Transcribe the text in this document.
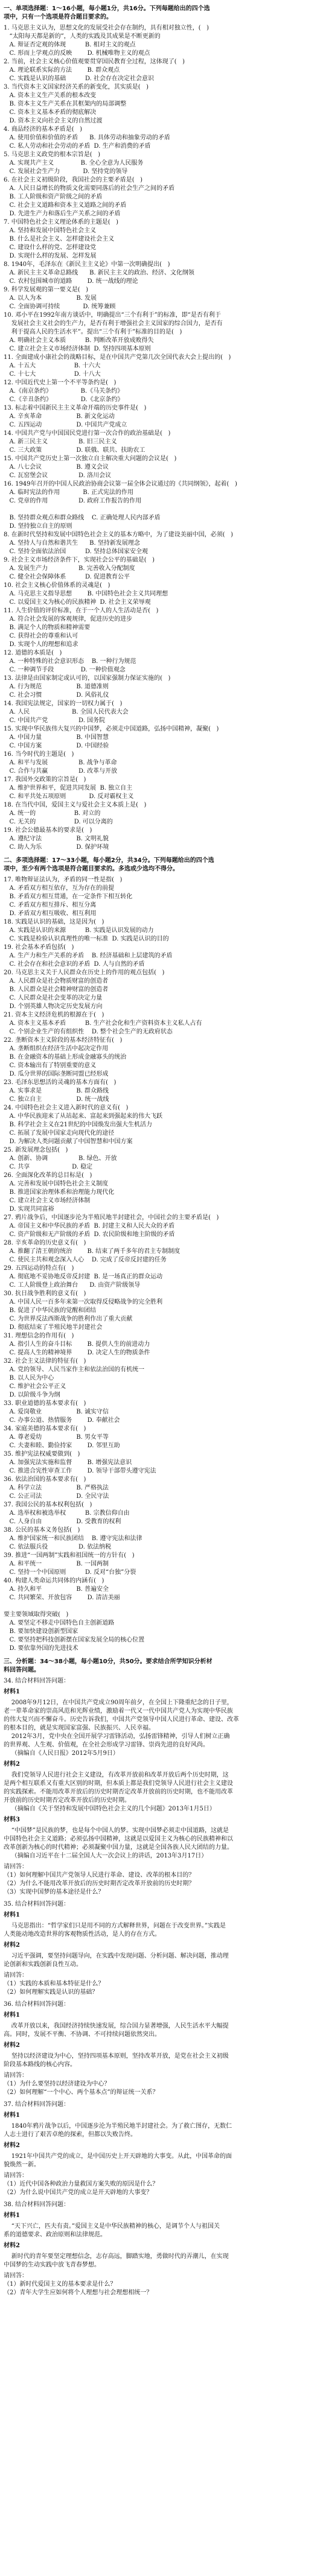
一、单项选择题：1～16小题，每小题1分，共16分。下列每题给出的四个选

项中，只有一个选项是符合题目要求的。

1. 马克思主义认为，思想文化的发展受社会存在制约，具有相对独立性，(   )

“太阳每天都是新的”，人类的实践及其成果是不断更新的

A. 辩证否定观的体现          B. 相对主义的观点

C. 形而上学观点的反映        D. 机械唯物主义的观点

2. 当前，社会主义核心价值观要贯穿国民教育全过程，这体现了(   )

A. 理论联系实际的方法        B. 群众观点

C. 实践是认识的基础          D. 社会存在决定社会意识

3. 当代资本主义国家经济关系的新变化，其实质是(   )

A. 资本主义生产关系的根本改变

B. 资本主义生产关系在其框架内的局部调整

C. 资本主义基本矛盾的彻底解决

D. 资本主义向社会主义的自然过渡

4. 商品经济的基本矛盾是(   )

A. 使用价值和价值的矛盾      B. 具体劳动和抽象劳动的矛盾

C. 私人劳动和社会劳动的矛盾  D. 生产和消费的矛盾

5. 马克思主义政党的根本宗旨是(   )

A. 实现共产主义              B. 全心全意为人民服务

C. 发展社会生产力            D. 坚持党的领导

6. 在社会主义初级阶段，我国社会的主要矛盾是(   )

A. 人民日益增长的物质文化需要同落后的社会生产之间的矛盾

B. 工人阶级和资产阶级之间的矛盾

C. 社会主义道路和资本主义道路之间的矛盾

D. 先进生产力和落后生产关系之间的矛盾

7. 中国特色社会主义理论体系的主题是(   )

A. 坚持和发展中国特色社会主义

B. 什么是社会主义、怎样建设社会主义

C. 建设什么样的党、怎样建设党

D. 实现什么样的发展、怎样发展

8. 1940年，毛泽东在《新民主主义论》中第一次明确提出(   )

A. 新民主主义革命总路线      B. 新民主主义的政治、经济、文化纲领

C. 农村包围城市的道路        D. 统一战线的理论

9. 科学发展观的第一要义是(   )

A. 以人为本                  B. 发展

C. 全面协调可持续            D. 统筹兼顾

10. 邓小平在1992年南方谈话中，明确提出“三个有利于”的标准，即“是否有利于

发展社会主义社会的生产力，是否有利于增强社会主义国家的综合国力，是否有

利于提高人民的生活水平”。提出“三个有利于”标准的目的是(   )

A. 明确社会主义本质          B. 判断改革开放成败得失

C. 建立社会主义市场经济体制  D. 坚持四项基本原则

11. 全面建成小康社会的战略目标，是在中国共产党第几次全国代表大会上提出的(   )

A. 十五大                    B. 十六大

C. 十七大                    D. 十八大

12. 中国近代史上第一个不平等条约是(   )

A.《南京条约》               B.《马关条约》

C.《辛丑条约》               D.《北京条约》

13. 标志着中国新民主主义革命开端的历史事件是(   )

A. 辛亥革命                  B. 新文化运动

C. 五四运动                  D. 中国共产党成立

14. 中国共产党与中国国民党进行第一次合作的政治基础是(   )

A. 新三民主义                B. 旧三民主义

C. 三大政策                  D. 联俄、联共、扶助农工

15. 中国共产党历史上第一次独立自主解决重大问题的会议是(   )

A. 八七会议                  B. 遵义会议

C. 瓦窑堡会议                D. 洛川会议

16. 1949年召开的中国人民政治协商会议第一届全体会议通过的《共同纲领》，起着(   )

A. 临时宪法的作用            B. 正式宪法的作用

C. 党章的作用                D. 政府工作报告的作用

B. 坚持群众观点和群众路线    C. 正确处理人民内部矛盾

D. 坚持独立自主的原则

8. 在新时代坚持和发展中国特色社会主义的基本方略中，为了建设美丽中国，必须(   )

A. 坚持人与自然和谐共生      B. 坚持新发展理念

C. 坚持全面依法治国          D. 坚持总体国家安全观

9. 社会主义市场经济条件下，实现社会公平的基础是(   )

A. 发展生产力                B. 完善收入分配制度

C. 健全社会保障体系          D. 促进教育公平

10. 社会主义核心价值体系的灵魂是(   )

A. 马克思主义指导思想        B. 中国特色社会主义共同理想

C. 以爱国主义为核心的民族精神  D. 社会主义荣辱观

11. 人生价值的评价标准，在于一个人的人生活动是否(   )

A. 符合社会发展的客观规律，促进历史的进步

B. 满足个人的物质和精神需要

C. 获得社会的尊重和认可

D. 实现个人的理想和追求

12. 道德的本质是(   )

A. 一种特殊的社会意识形态    B. 一种行为规范

C. 一种调节手段              D. 一种价值观念

13. 法律是由国家制定或认可的，以国家强制力保证实施的(   )

A. 行为规范                  B. 道德准则

C. 社会习惯                  D. 风俗礼仪

14. 我国宪法规定，国家的一切权力属于(   )

A. 人民                      B. 全国人民代表大会

C. 中国共产党                D. 国务院

15. 实现中华民族伟大复兴的中国梦，必须走中国道路，弘扬中国精神，凝聚(   )

A. 中国力量                  B. 中国智慧

C. 中国方案                  D. 中国经验

16. 当今时代的主题是(   )

A. 和平与发展                B. 战争与革命

C. 合作与共赢                D. 改革与开放

17. 我国外交政策的宗旨是(   )

A. 维护世界和平，促进共同发展  B. 独立自主

C. 和平共处五项原则            D. 反对霸权主义

18. 在当代中国，爱国主义与爱社会主义本质上是(   )

A. 统一的                    B. 对立的

C. 无关的                    D. 可以分离的

19. 社会公德最基本的要求是(   )

A. 遵纪守法                  B. 文明礼貌

C. 助人为乐                  D. 保护环境

二、多项选择题：17～33小题，每小题2分，共34分。下列每题给出的四个选

项中，至少有两个选项是符合题目要求的。多选或少选均不得分。

17. 唯物辩证法认为，矛盾的同一性是指(   )

A. 矛盾双方相互依存，互为存在的前提

B. 矛盾双方相互贯通，在一定条件下相互转化

C. 矛盾双方相互排斥、相互分离

D. 矛盾双方相互吸收、相互利用

18. 实践是认识的基础，这是因为(   )

A. 实践是认识的来源          B. 实践是认识发展的动力

C. 实践是检验认识真理性的唯一标准  D. 实践是认识的目的

19. 社会基本矛盾包括(   )

A. 生产力和生产关系的矛盾    B. 经济基础和上层建筑的矛盾

C. 社会存在和社会意识的矛盾  D. 人与自然的矛盾

20. 马克思主义关于人民群众在历史上的作用的观点包括(   )

A. 人民群众是社会物质财富的创造者

B. 人民群众是社会精神财富的创造者

C. 人民群众是社会变革的决定力量

D. 个别英雄人物决定历史发展方向

21. 资本主义经济危机的根源在于(   )

A. 资本主义基本矛盾          B. 生产社会化和生产资料资本主义私人占有

C. 个别企业生产的有组织性    D. 整个社会生产的无政府状态

22. 垄断资本主义阶段的基本经济特征有(   )

A. 垄断组织在经济生活中起决定作用

B. 在金融资本的基础上形成金融寡头的统治

C. 资本输出有了特别重要的意义

D. 瓜分世界的国际垄断同盟已经形成

23. 毛泽东思想活的灵魂的基本方面有(   )

A. 实事求是                  B. 群众路线

C. 独立自主                  D. 统一战线

24. 中国特色社会主义进入新时代的意义有(   )

A. 中华民族迎来了从站起来、富起来到强起来的伟大飞跃

B. 科学社会主义在21世纪的中国焕发出强大生机活力

C. 拓展了发展中国家走向现代化的途径

D. 为解决人类问题贡献了中国智慧和中国方案

25. 新发展理念包括(   )

A. 创新、协调                B. 绿色、开放

C. 共享                      D. 稳定

26. 全面深化改革的总目标是(   )

A. 完善和发展中国特色社会主义制度

B. 推进国家治理体系和治理能力现代化

C. 建立社会主义市场经济体制

D. 实现共同富裕

27. 鸦片战争后，中国逐步沦为半殖民地半封建社会，中国社会的主要矛盾是(   )

A. 帝国主义和中华民族的矛盾  B. 封建主义和人民大众的矛盾

C. 资产阶级和无产阶级的矛盾  D. 农民阶级和地主阶级的矛盾

28. 辛亥革命的历史意义有(   )

A. 推翻了清王朝的统治        B. 结束了两千多年的君主专制制度

C. 使民主共和观念深入人心    D. 完成了反帝反封建的任务

29. 五四运动的特点有(   )

A. 彻底地不妥协地反帝反封建  B. 是一场真正的群众运动

C. 工人阶级登上政治舞台      D. 由资产阶级领导

30. 抗日战争胜利的意义有(   )

A. 中国人民一百多年来第一次取得反侵略战争的完全胜利

B. 促进了中华民族的觉醒和团结

C. 为世界反法西斯战争的胜利作出了重大贡献

D. 彻底结束了半殖民地半封建社会

31. 理想信念的作用有(   )

A. 指引人生的奋斗目标        B. 提供人生的前进动力

C. 提高人生的精神境界        D. 决定人生的物质条件

32. 社会主义法律的特征有(   )

A. 党的领导、人民当家作主和依法治国的有机统一

B. 以人民为中心

C. 维护社会公平正义

D. 以阶级斗争为纲

33. 职业道德的基本要求有(   )

A. 爱岗敬业                  B. 诚实守信

C. 办事公道、热情服务        D. 奉献社会

34. 家庭美德的基本要求有(   )

A. 尊老爱幼                  B. 男女平等

C. 夫妻和睦、勤俭持家        D. 邻里互助

35. 维护宪法权威要做到(   )

A. 加强宪法实施和监督        B. 增强宪法意识

C. 推进合宪性审查工作        D. 领导干部带头遵守宪法

36. 依法治国的基本要求有(   )

A. 科学立法                  B. 严格执法

C. 公正司法                  D. 全民守法

37. 我国公民的基本权利包括(   )

A. 选举权和被选举权          B. 宗教信仰自由

C. 人身自由                  D. 受教育的权利

38. 公民的基本义务包括(   )

A. 维护国家统一和民族团结    B. 遵守宪法和法律

C. 依法服兵役                D. 依法纳税

39. 推进“一国两制”实践和祖国统一的方针有(   )

A. 和平统一                  B. 一国两制

C. 坚持一个中国原则          D. 反对“台独”分裂

40. 构建人类命运共同体的内涵有(   )

A. 持久和平                  B. 普遍安全

C. 共同繁荣、开放包容        D. 清洁美丽

要主要领域取得突破(   )

A. 要坚定不移走中国特色自主创新道路

B. 要加快建设创新型国家

C. 要坚持把科技创新摆在国家发展全局的核心位置

D. 要依靠外国的先进技术

三、分析题：34～38小题，每小题10分，共50分。要求结合所学知识分析材

料回答问题。

34. 结合材料回答问题：

材料1

2008年9月12日，在中国共产党成立90周年前夕，在全国上下隆重纪念的日子里，

老一辈革命家的崇高风范和光辉业绩，激励着一代又一代中国共产党人为实现中华民族

的伟大复兴而不懈奋斗。历史告诉我们，中国共产党领导中国人民进行革命、建设、改革

的根本目的，就是实现国家富强、民族振兴、人民幸福。

2012年3月，党中央在全国开展学习雷锋活动，弘扬雷锋精神，引导人们树立正确

的世界观、人生观、价值观，在全社会形成学习雷锋、崇尚先进的良好风尚。

（摘编自《人民日报》2012年5月9日）

材料2

我们党领导人民进行社会主义建设，有改革开放前和改革开放后两个历史时期，这

是两个相互联系又有重大区别的时期，但本质上都是我们党领导人民进行社会主义建设

的实践探索。不能用改革开放后的历史时期否定改革开放前的历史时期，也不能用改革

开放前的历史时期否定改革开放后的历史时期。

（摘编自《关于坚持和发展中国特色社会主义的几个问题》2013年1月5日）

材料3

“中国梦”是民族的梦，也是每个中国人的梦。实现中国梦必须走中国道路，这就是

中国特色社会主义道路；必须弘扬中国精神，这就是以爱国主义为核心的民族精神和以

改革创新为核心的时代精神；必须凝聚中国力量，这就是全国各族人民大团结的力量。

（摘编自习近平在十二届全国人大一次会议上的讲话，2013年3月17日）

请回答：

（1）如何理解中国共产党领导人民进行革命、建设、改革的根本目的？

（2）为什么不能用改革开放后的历史时期否定改革开放前的历史时期？

（3）实现中国梦的基本途径是什么？

35. 结合材料回答问题：

材料1

马克思指出：“哲学家们只是用不同的方式解释世界，问题在于改变世界。”实践是

人类能动地改造世界的客观物质性活动，是人的存在方式。

材料2

习近平强调，要坚持问题导向，在实践中发现问题、分析问题、解决问题，推动理

论创新和实践创新良性互动。

请回答：

（1）实践的本质和基本特征是什么？

（2）如何理解实践是认识的基础？

36. 结合材料回答问题：

材料1

改革开放以来，我国经济持续快速发展，综合国力显著增强，人民生活水平大幅提

高。同时，发展不平衡、不协调、不可持续问题依然突出。

材料2

坚持以经济建设为中心，坚持四项基本原则，坚持改革开放，是党在社会主义初级

阶段基本路线的核心内容。

请回答：

（1）为什么要坚持以经济建设为中心？

（2）如何理解“一个中心、两个基本点”的辩证统一关系？

37. 结合材料回答问题：

材料1

1840年鸦片战争以后，中国逐步沦为半殖民地半封建社会。为了救亡图存，无数仁

人志士进行了艰苦卓绝的探索，但都以失败告终。

材料2

1921年中国共产党的成立，是中国历史上开天辟地的大事变。从此，中国革命的面

貌焕然一新。

请回答：

（1）近代中国各种政治力量救国方案失败的原因是什么？

（2）为什么说中国共产党的成立是开天辟地的大事变？

38. 结合材料回答问题：

材料1

“天下兴亡，匹夫有责。”爱国主义是中华民族精神的核心，是调节个人与祖国关

系的道德要求、政治原则和法律规范。

材料2

新时代的青年要坚定理想信念，志存高远，脚踏实地，勇做时代的弄潮儿，在实现

中国梦的生动实践中放飞青春梦想。

请回答：

（1）新时代爱国主义的基本要求是什么？

（2）青年大学生应如何将个人理想与社会理想相统一？
